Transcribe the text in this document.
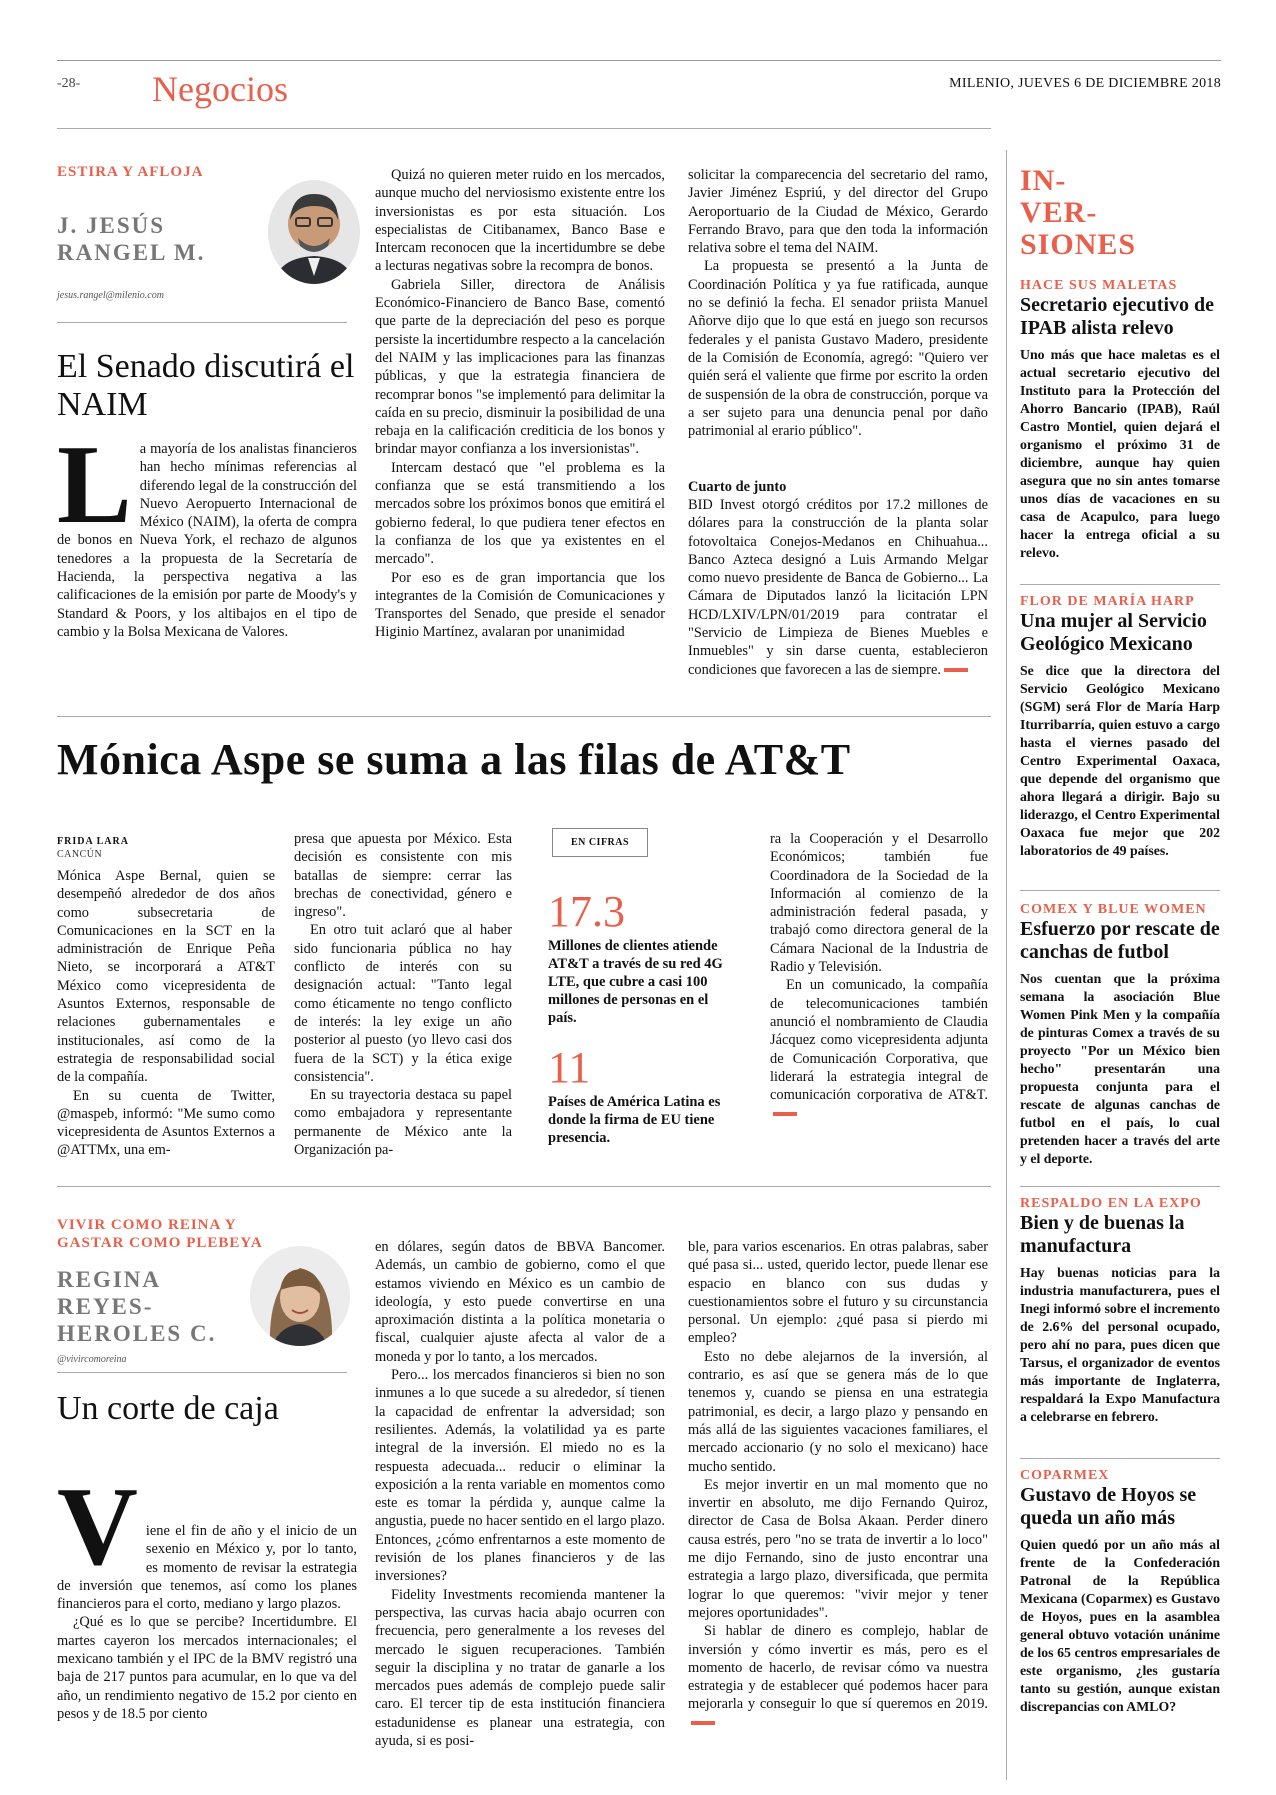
-28- Negocios	MILENIO, JUEVES 6 DE DICIEMBRE 2018
ESTIRA Y AFLOJA
J. JESÚS
RANGEL M.
jesus.rangel@milenio.com
El Senado discutirá el NAIM
L a mayoría de los analistas financieros han hecho mínimas referencias al diferendo legal de la construcción del Nuevo Aeropuerto Internacional de México (NAIM), la oferta de compra de bonos en Nueva York, el rechazo de algunos tenedores a la propuesta de la Secretaría de Hacienda, la perspectiva negativa a las calificaciones de la emisión por parte de Moody's y Standard & Poors, y los altibajos en el tipo de cambio y la Bolsa Mexicana de Valores.

Quizá no quieren meter ruido en los mercados, aunque mucho del nerviosismo existente entre los inversionistas es por esta situación. Los especialistas de Citibanamex, Banco Base e Intercam reconocen que la incertidumbre se debe a lecturas negativas sobre la recompra de bonos.

Gabriela Siller, directora de Análisis Económico-Financiero de Banco Base, comentó que parte de la depreciación del peso es porque persiste la incertidumbre respecto a la cancelación del NAIM y las implicaciones para las finanzas públicas, y que la estrategia financiera de recomprar bonos "se implementó para delimitar la caída en su precio, disminuir la posibilidad de una rebaja en la calificación crediticia de los bonos y brindar mayor confianza a los inversionistas".

Intercam destacó que "el problema es la confianza que se está transmitiendo a los mercados sobre los próximos bonos que emitirá el gobierno federal, lo que pudiera tener efectos en la confianza de los que ya existentes en el mercado".

Por eso es de gran importancia que los integrantes de la Comisión de Comunicaciones y Transportes del Senado, que preside el senador Higinio Martínez, avalaran por unanimidad

solicitar la comparecencia del secretario del ramo, Javier Jiménez Espriú, y del director del Grupo Aeroportuario de la Ciudad de México, Gerardo Ferrando Bravo, para que den toda la información relativa sobre el tema del NAIM.

La propuesta se presentó a la Junta de Coordinación Política y ya fue ratificada, aunque no se definió la fecha. El senador priista Manuel Añorve dijo que lo que está en juego son recursos federales y el panista Gustavo Madero, presidente de la Comisión de Economía, agregó: "Quiero ver quién será el valiente que firme por escrito la orden de suspensión de la obra de construcción, porque va a ser sujeto para una denuncia penal por daño patrimonial al erario público".

Cuarto de junto

BID Invest otorgó créditos por 17.2 millones de dólares para la construcción de la planta solar fotovoltaica Conejos-Medanos en Chihuahua... Banco Azteca designó a Luis Armando Melgar como nuevo presidente de Banca de Gobierno... La Cámara de Diputados lanzó la licitación LPN HCD/LXIV/LPN/01/2019 para contratar el "Servicio de Limpieza de Bienes Muebles e Inmuebles" y sin darse cuenta, establecieron condiciones que favorecen a las de siempre.

Mónica Aspe se suma a las filas de AT&T
FRIDA LARA
CANCÚN

Mónica Aspe Bernal, quien se desempeñó alrededor de dos años como subsecretaria de Comunicaciones en la SCT en la administración de Enrique Peña Nieto, se incorporará a AT&T México como vicepresidenta de Asuntos Externos, responsable de relaciones gubernamentales e institucionales, así como de la estrategia de responsabilidad social de la compañía.

En su cuenta de Twitter, @maspeb, informó: "Me sumo como vicepresidenta de Asuntos Externos a @ATTMx, una em-

presa que apuesta por México. Esta decisión es consistente con mis batallas de siempre: cerrar las brechas de conectividad, género e ingreso".

En otro tuit aclaró que al haber sido funcionaria pública no hay conflicto de interés con su designación actual: "Tanto legal como éticamente no tengo conflicto de interés: la ley exige un año posterior al puesto (yo llevo casi dos fuera de la SCT) y la ética exige consistencia".

En su trayectoria destaca su papel como embajadora y representante permanente de México ante la Organización pa-

EN CIFRAS
17.3
Millones de clientes atiende AT&T a través de su red 4G LTE, que cubre a casi 100 millones de personas en el país.
11
Países de América Latina es donde la firma de EU tiene presencia.

ra la Cooperación y el Desarrollo Económicos; también fue Coordinadora de la Sociedad de la Información al comienzo de la administración federal pasada, y trabajó como directora general de la Cámara Nacional de la Industria de Radio y Televisión.

En un comunicado, la compañía de telecomunicaciones también anunció el nombramiento de Claudia Jácquez como vicepresidenta adjunta de Comunicación Corporativa, que liderará la estrategia integral de comunicación corporativa de AT&T.

VIVIR COMO REINA Y
GASTAR COMO PLEBEYA
REGINA
REYES-
HEROLES C.
@vivircomoreina
Un corte de caja
V iene el fin de año y el inicio de un sexenio en México y, por lo tanto, es momento de revisar la estrategia de inversión que tenemos, así como los planes financieros para el corto, mediano y largo plazos.

¿Qué es lo que se percibe? Incertidumbre. El martes cayeron los mercados internacionales; el mexicano también y el IPC de la BMV registró una baja de 217 puntos para acumular, en lo que va del año, un rendimiento negativo de 15.2 por ciento en pesos y de 18.5 por ciento

en dólares, según datos de BBVA Bancomer. Además, un cambio de gobierno, como el que estamos viviendo en México es un cambio de ideología, y esto puede convertirse en una aproximación distinta a la política monetaria o fiscal, cualquier ajuste afecta al valor de a moneda y por lo tanto, a los mercados.

Pero... los mercados financieros si bien no son inmunes a lo que sucede a su alrededor, sí tienen la capacidad de enfrentar la adversidad; son resilientes. Además, la volatilidad ya es parte integral de la inversión. El miedo no es la respuesta adecuada... reducir o eliminar la exposición a la renta variable en momentos como este es tomar la pérdida y, aunque calme la angustia, puede no hacer sentido en el largo plazo. Entonces, ¿cómo enfrentarnos a este momento de revisión de los planes financieros y de las inversiones?

Fidelity Investments recomienda mantener la perspectiva, las curvas hacia abajo ocurren con frecuencia, pero generalmente a los reveses del mercado le siguen recuperaciones. También seguir la disciplina y no tratar de ganarle a los mercados pues además de complejo puede salir caro. El tercer tip de esta institución financiera estadunidense es planear una estrategia, con ayuda, si es posi-

ble, para varios escenarios. En otras palabras, saber qué pasa si... usted, querido lector, puede llenar ese espacio en blanco con sus dudas y cuestionamientos sobre el futuro y su circunstancia personal. Un ejemplo: ¿qué pasa si pierdo mi empleo?

Esto no debe alejarnos de la inversión, al contrario, es así que se genera más de lo que tenemos y, cuando se piensa en una estrategia patrimonial, es decir, a largo plazo y pensando en más allá de las siguientes vacaciones familiares, el mercado accionario (y no solo el mexicano) hace mucho sentido.

Es mejor invertir en un mal momento que no invertir en absoluto, me dijo Fernando Quiroz, director de Casa de Bolsa Akaan. Perder dinero causa estrés, pero "no se trata de invertir a lo loco" me dijo Fernando, sino de justo encontrar una estrategia a largo plazo, diversificada, que permita lograr lo que queremos: "vivir mejor y tener mejores oportunidades".

Si hablar de dinero es complejo, hablar de inversión y cómo invertir es más, pero es el momento de hacerlo, de revisar cómo va nuestra estrategia y de establecer qué podemos hacer para mejorarla y conseguir lo que sí queremos en 2019.

IN-
VER-
SIONES
HACE SUS MALETAS
Secretario ejecutivo de IPAB alista relevo
Uno más que hace maletas es el actual secretario ejecutivo del Instituto para la Protección del Ahorro Bancario (IPAB), Raúl Castro Montiel, quien dejará el organismo el próximo 31 de diciembre, aunque hay quien asegura que no sin antes tomarse unos días de vacaciones en su casa de Acapulco, para luego hacer la entrega oficial a su relevo.
FLOR DE MARÍA HARP
Una mujer al Servicio Geológico Mexicano
Se dice que la directora del Servicio Geológico Mexicano (SGM) será Flor de María Harp Iturribarría, quien estuvo a cargo hasta el viernes pasado del Centro Experimental Oaxaca, que depende del organismo que ahora llegará a dirigir. Bajo su liderazgo, el Centro Experimental Oaxaca fue mejor que 202 laboratorios de 49 países.
COMEX Y BLUE WOMEN
Esfuerzo por rescate de canchas de futbol
Nos cuentan que la próxima semana la asociación Blue Women Pink Men y la compañía de pinturas Comex a través de su proyecto "Por un México bien hecho" presentarán una propuesta conjunta para el rescate de algunas canchas de futbol en el país, lo cual pretenden hacer a través del arte y el deporte.
RESPALDO EN LA EXPO
Bien y de buenas la manufactura
Hay buenas noticias para la industria manufacturera, pues el Inegi informó sobre el incremento de 2.6% del personal ocupado, pero ahí no para, pues dicen que Tarsus, el organizador de eventos más importante de Inglaterra, respaldará la Expo Manufactura a celebrarse en febrero.
COPARMEX
Gustavo de Hoyos se queda un año más
Quien quedó por un año más al frente de la Confederación Patronal de la República Mexicana (Coparmex) es Gustavo de Hoyos, pues en la asamblea general obtuvo votación unánime de los 65 centros empresariales de este organismo, ¿les gustaría tanto su gestión, aunque existan discrepancias con AMLO?
